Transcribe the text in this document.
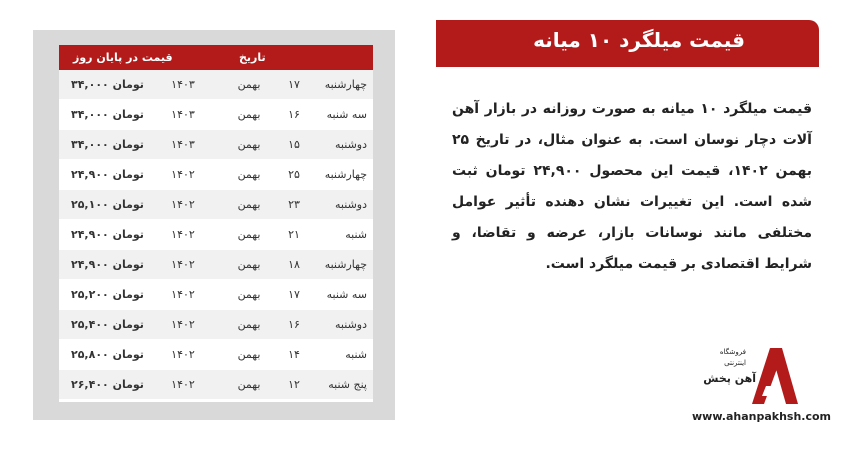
تاریخ
قیمت در پایان روز
چهارشنبه
۱۷
بهمن
۱۴۰۳
۳۴,۰۰۰ تومان
سه شنبه
۱۶
بهمن
۱۴۰۳
۳۴,۰۰۰ تومان
دوشنبه
۱۵
بهمن
۱۴۰۳
۳۴,۰۰۰ تومان
چهارشنبه
۲۵
بهمن
۱۴۰۲
۲۴,۹۰۰ تومان
دوشنبه
۲۳
بهمن
۱۴۰۲
۲۵,۱۰۰ تومان
شنبه
۲۱
بهمن
۱۴۰۲
۲۴,۹۰۰ تومان
چهارشنبه
۱۸
بهمن
۱۴۰۲
۲۴,۹۰۰ تومان
سه شنبه
۱۷
بهمن
۱۴۰۲
۲۵,۲۰۰ تومان
دوشنبه
۱۶
بهمن
۱۴۰۲
۲۵,۴۰۰ تومان
شنبه
۱۴
بهمن
۱۴۰۲
۲۵,۸۰۰ تومان
پنج شنبه
۱۲
بهمن
۱۴۰۲
۲۶,۴۰۰ تومان
قیمت میلگرد ۱۰ میانه
قیمت میلگرد ۱۰ میانه به صورت روزانه در بازار آهن آلات دچار نوسان است. به عنوان مثال، در تاریخ ۲۵ بهمن ۱۴۰۲، قیمت این محصول ۲۴,۹۰۰ تومان ثبت شده است. این تغییرات نشان دهنده تأثیر عوامل مختلفی مانند نوسانات بازار، عرضه و تقاضا، و شرایط اقتصادی بر قیمت میلگرد است.
فروشگاه
اینترنتی
آهن پخش
www.ahanpakhsh.com
